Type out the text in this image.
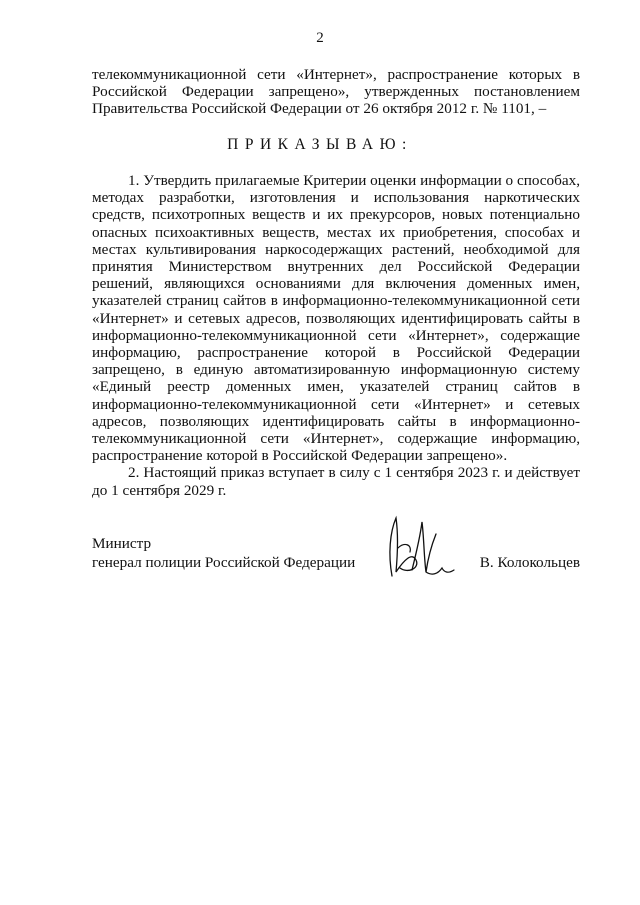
2
телекоммуникационной сети «Интернет», распространение которых в Российской Федерации запрещено», утвержденных постановлением Правительства Российской Федерации от 26 октября 2012 г. № 1101, –
ПРИКАЗЫВАЮ:

1. Утвердить прилагаемые Критерии оценки информации о способах, методах разработки, изготовления и использования наркотических средств, психотропных веществ и их прекурсоров, новых потенциально опасных психоактивных веществ, местах их приобретения, способах и местах культивирования наркосодержащих растений, необходимой для принятия Министерством внутренних дел Российской Федерации решений, являющихся основаниями для включения доменных имен, указателей страниц сайтов в информационно-телекоммуникационной сети «Интернет» и сетевых адресов, позволяющих идентифицировать сайты в информационно-телекоммуникационной сети «Интернет», содержащие информацию, распространение которой в Российской Федерации запрещено, в единую автоматизированную информационную систему «Единый реестр доменных имен, указателей страниц сайтов в информационно-телекоммуникационной сети «Интернет» и сетевых адресов, позволяющих идентифицировать сайты в информационно-телекоммуникационной сети «Интернет», содержащие информацию, распространение которой в Российской Федерации запрещено».

2. Настоящий приказ вступает в силу с 1 сентября 2023 г. и действует до 1 сентября 2029 г.

Министр
генерал полиции Российской Федерации	В. Колокольцев
